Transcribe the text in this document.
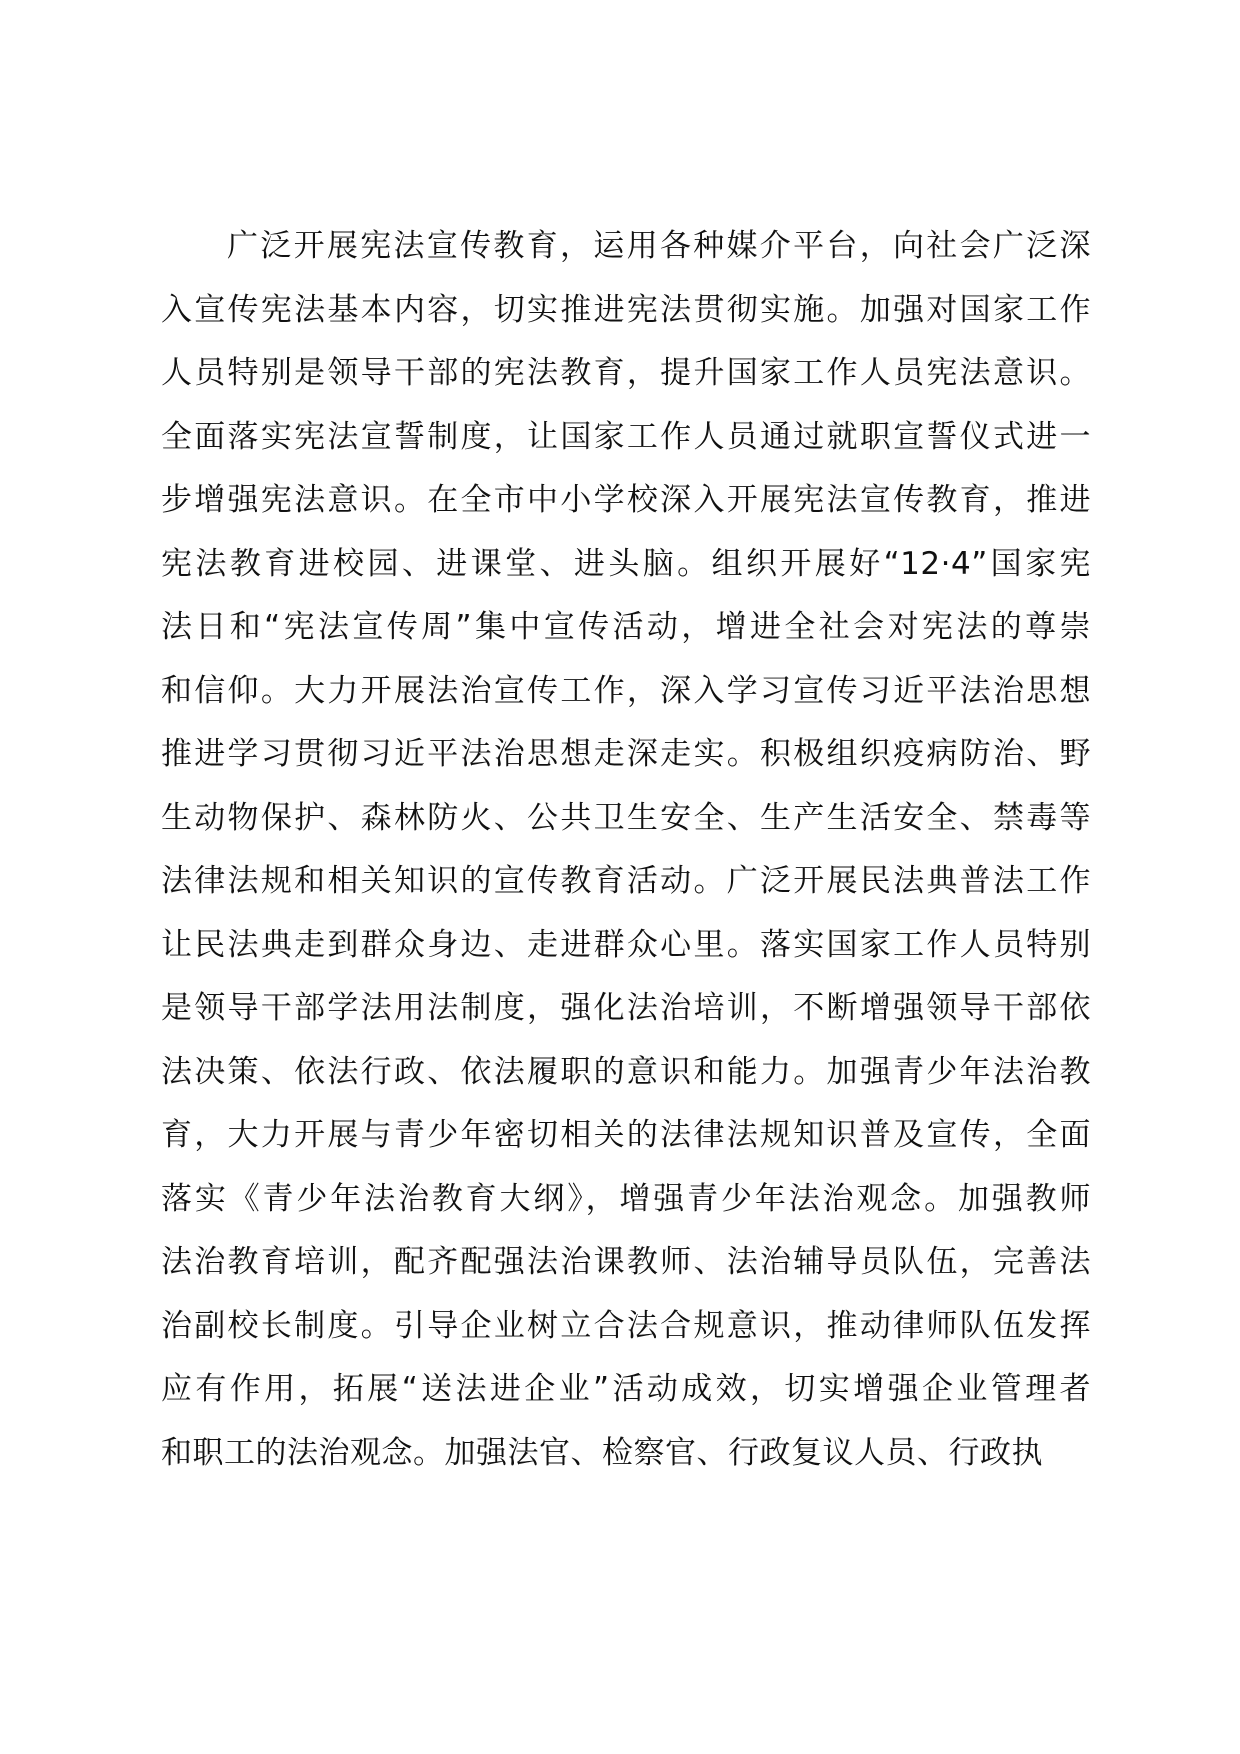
广泛开展宪法宣传教育，运用各种媒介平台，向社会广泛深
入宣传宪法基本内容，切实推进宪法贯彻实施。加强对国家工作
人员特别是领导干部的宪法教育，提升国家工作人员宪法意识。
全面落实宪法宣誓制度，让国家工作人员通过就职宣誓仪式进一
步增强宪法意识。在全市中小学校深入开展宪法宣传教育，推进
宪法教育进校园、进课堂、进头脑。组织开展好“12·4”国家宪
法日和“宪法宣传周”集中宣传活动，增进全社会对宪法的尊崇
和信仰。大力开展法治宣传工作，深入学习宣传习近平法治思想
推进学习贯彻习近平法治思想走深走实。积极组织疫病防治、野
生动物保护、森林防火、公共卫生安全、生产生活安全、禁毒等
法律法规和相关知识的宣传教育活动。广泛开展民法典普法工作
让民法典走到群众身边、走进群众心里。落实国家工作人员特别
是领导干部学法用法制度，强化法治培训，不断增强领导干部依
法决策、依法行政、依法履职的意识和能力。加强青少年法治教
育，大力开展与青少年密切相关的法律法规知识普及宣传，全面
落实《青少年法治教育大纲》，增强青少年法治观念。加强教师
法治教育培训，配齐配强法治课教师、法治辅导员队伍，完善法
治副校长制度。引导企业树立合法合规意识，推动律师队伍发挥
应有作用，拓展“送法进企业”活动成效，切实增强企业管理者
和职工的法治观念。加强法官、检察官、行政复议人员、行政执
